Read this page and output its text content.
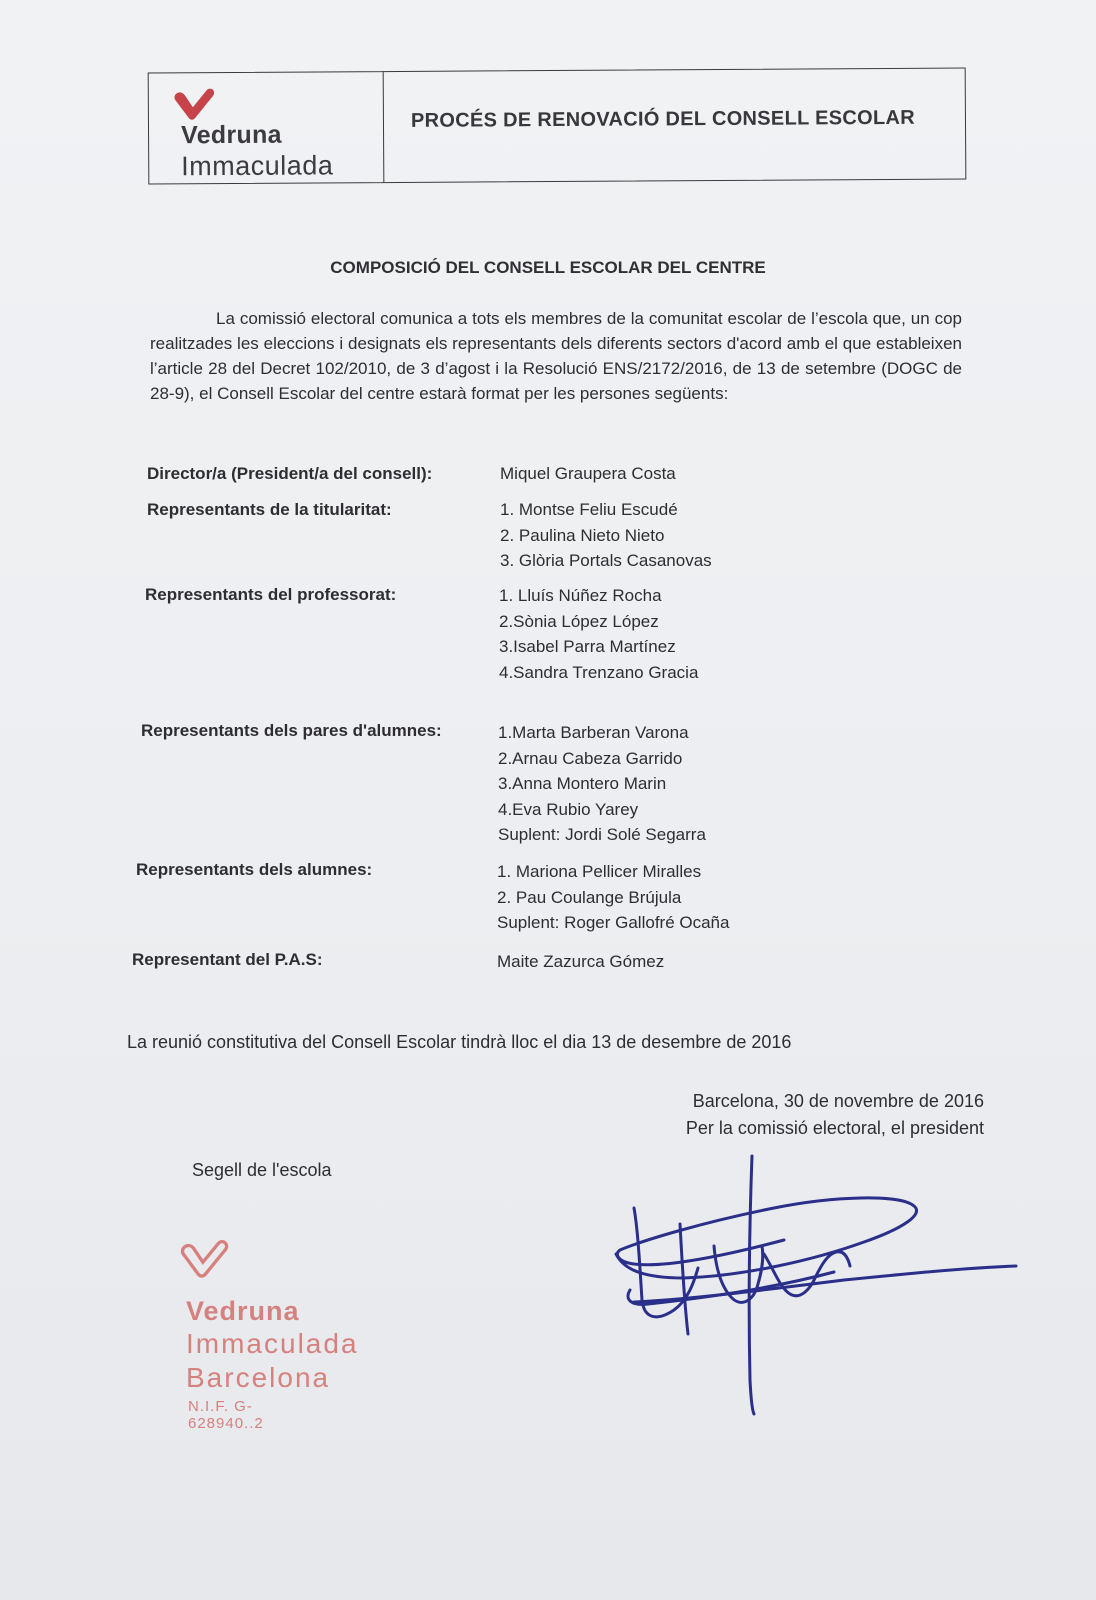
Vedruna
Immaculada
PROCÉS DE RENOVACIÓ DEL CONSELL ESCOLAR
COMPOSICIÓ DEL CONSELL ESCOLAR DEL CENTRE
La comissió electoral comunica a tots els membres de la comunitat escolar de l’escola que, un cop realitzades les eleccions i designats els representants dels diferents sectors d'acord amb el que estableixen l’article 28 del Decret 102/2010, de 3 d’agost i la Resolució ENS/2172/2016, de 13 de setembre (DOGC de 28-9), el Consell Escolar del centre estarà format per les persones següents:
Director/a (President/a del consell):	Miquel Graupera Costa
Representants de la titularitat:	1. Montse Feliu Escudé
2. Paulina Nieto Nieto
3. Glòria Portals Casanovas
Representants del professorat:	1. Lluís Núñez Rocha
2.Sònia López López
3.Isabel Parra Martínez
4.Sandra Trenzano Gracia
Representants dels pares d'alumnes:	1.Marta Barberan Varona
2.Arnau Cabeza Garrido
3.Anna Montero Marin
4.Eva Rubio Yarey
Suplent: Jordi Solé Segarra
Representants dels alumnes:	1. Mariona Pellicer Miralles
2. Pau Coulange Brújula
Suplent: Roger Gallofré Ocaña
Representant del P.A.S:	Maite Zazurca Gómez
La reunió constitutiva del Consell Escolar tindrà lloc el dia 13 de desembre de 2016
Barcelona, 30 de novembre de 2016
Per la comissió electoral, el president
Segell de l'escola
Vedruna
Immaculada
Barcelona
N.I.F. G-628940..2
